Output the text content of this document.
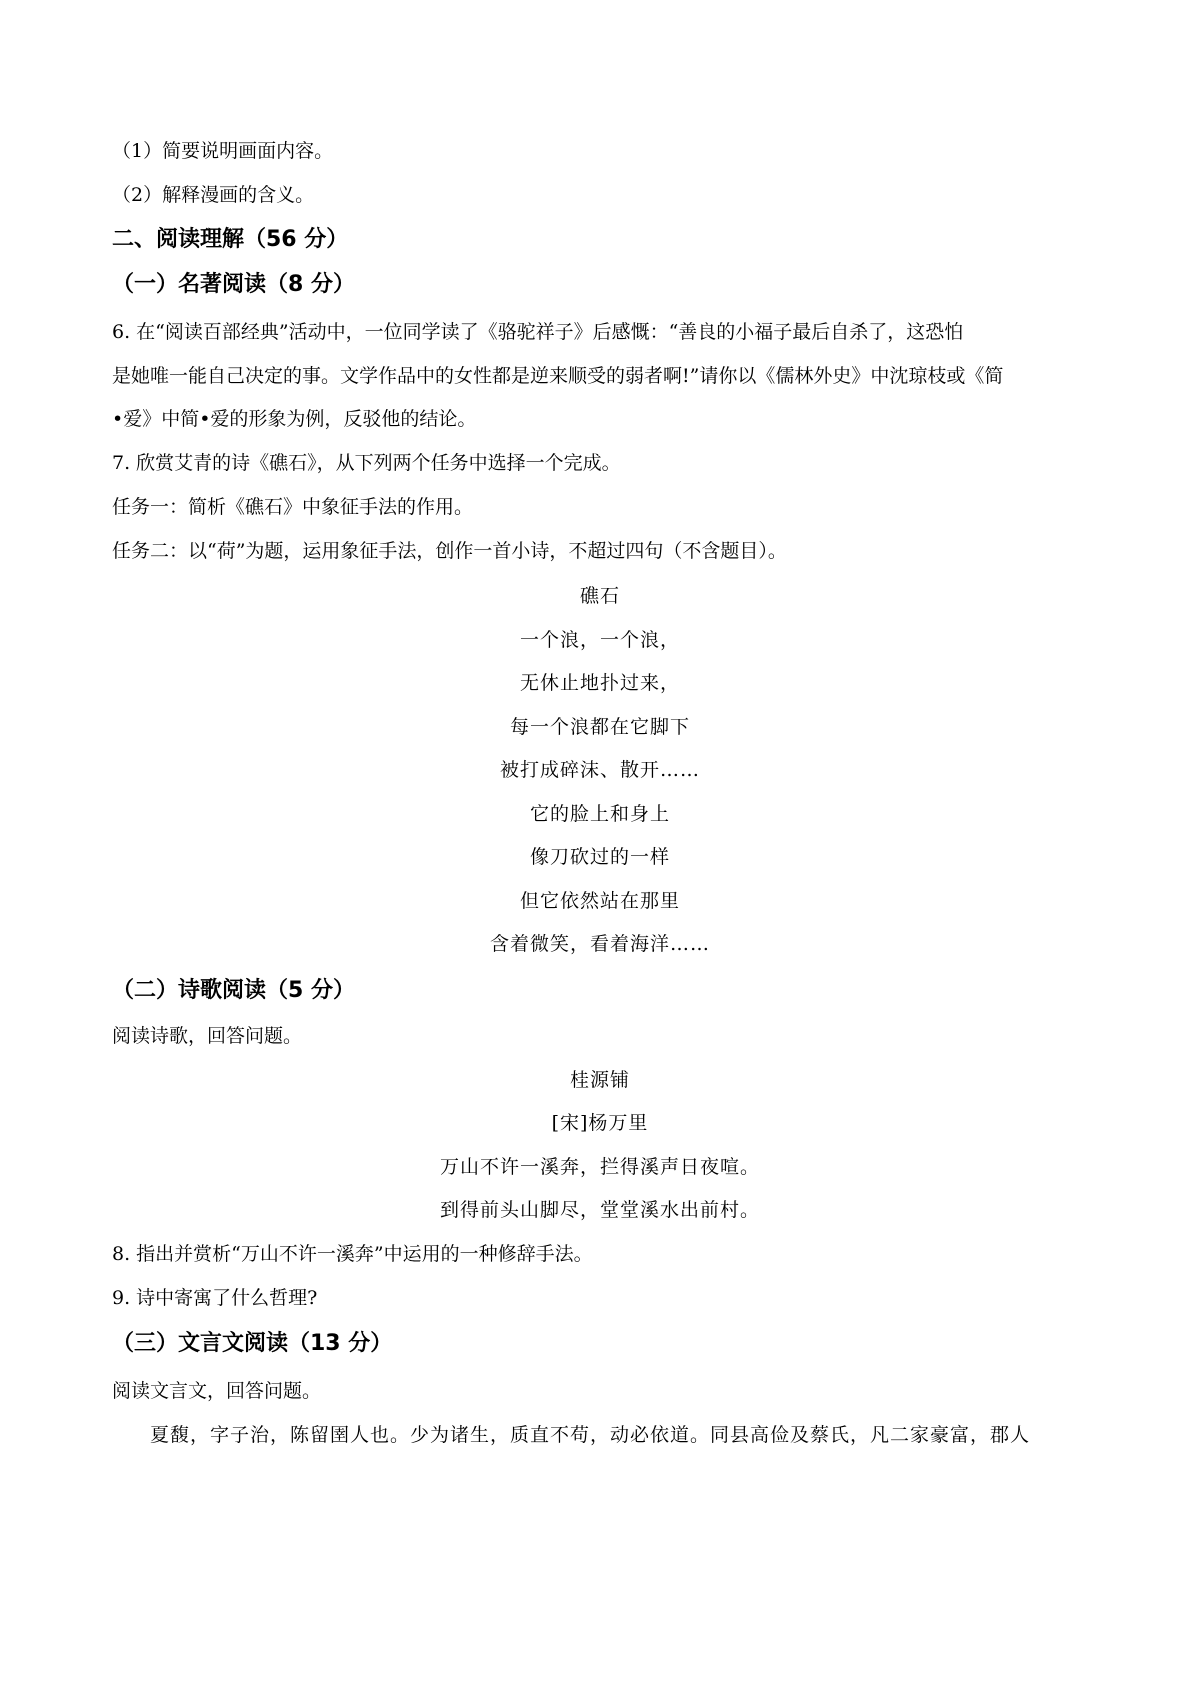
（1）简要说明画面内容。
（2）解释漫画的含义。
二、阅读理解（56 分）
（一）名著阅读（8 分）
6. 在“阅读百部经典”活动中，一位同学读了《骆驼祥子》后感慨：“善良的小福子最后自杀了，这恐怕
是她唯一能自己决定的事。文学作品中的女性都是逆来顺受的弱者啊!”请你以《儒林外史》中沈琼枝或《简
•爱》中简•爱的形象为例，反驳他的结论。
7. 欣赏艾青的诗《礁石》，从下列两个任务中选择一个完成。
任务一：简析《礁石》中象征手法的作用。
任务二：以“荷”为题，运用象征手法，创作一首小诗，不超过四句（不含题目）。
礁石
一个浪，一个浪，
无休止地扑过来，
每一个浪都在它脚下
被打成碎沫、散开……
它的脸上和身上
像刀砍过的一样
但它依然站在那里
含着微笑，看着海洋……
（二）诗歌阅读（5 分）
阅读诗歌，回答问题。
桂源铺
[宋]杨万里
万山不许一溪奔，拦得溪声日夜喧。
到得前头山脚尽，堂堂溪水出前村。
8. 指出并赏析“万山不许一溪奔”中运用的一种修辞手法。
9. 诗中寄寓了什么哲理?
（三）文言文阅读（13 分）
阅读文言文，回答问题。
夏馥，字子治，陈留圉人也。少为诸生，质直不苟，动必依道。同县高俭及蔡氏，凡二家豪富，郡人
